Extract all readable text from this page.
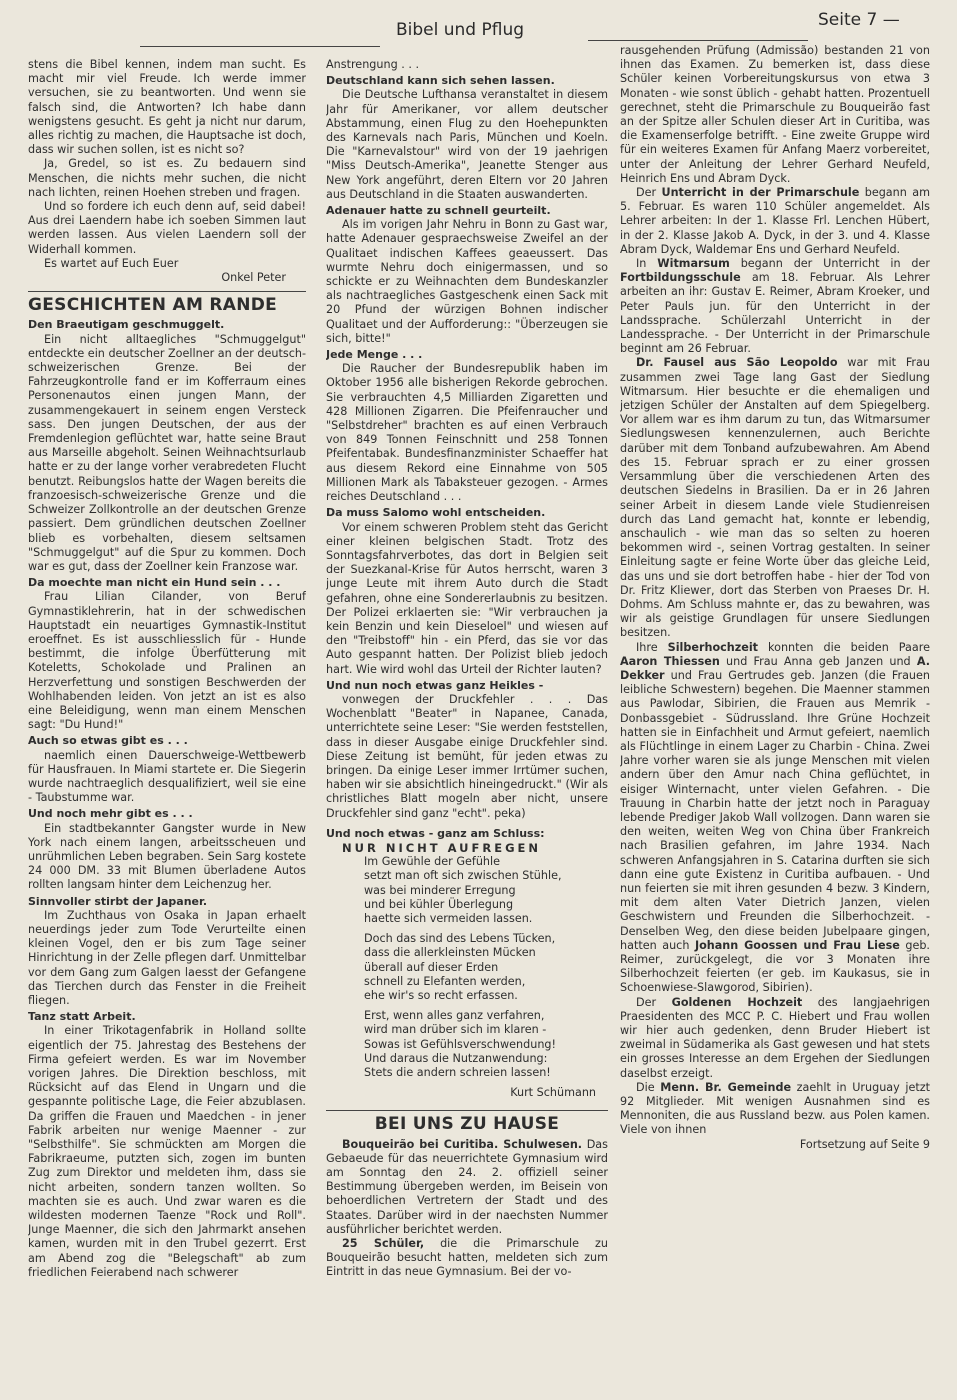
Bibel und Pflug	Seite 7 —

stens die Bibel kennen, indem man sucht. Es macht mir viel Freude. Ich werde immer versuchen, sie zu beantworten. Und wenn sie falsch sind, die Antworten? Ich habe dann wenigstens gesucht. Es geht ja nicht nur darum, alles richtig zu machen, die Hauptsache ist doch, dass wir suchen sollen, ist es nicht so?

Ja, Gredel, so ist es. Zu bedauern sind Menschen, die nichts mehr suchen, die nicht nach lichten, reinen Hoehen streben und fragen.

Und so fordere ich euch denn auf, seid dabei! Aus drei Laendern habe ich soeben Simmen laut werden lassen. Aus vielen Laendern soll der Widerhall kommen.

Es wartet auf Euch Euer

Onkel Peter
GESCHICHTEN AM RANDE
Den Braeutigam geschmuggelt.

Ein nicht alltaegliches "Schmuggelgut" entdeckte ein deutscher Zoellner an der deutsch-schweizerischen Grenze. Bei der Fahrzeugkontrolle fand er im Kofferraum eines Personenautos einen jungen Mann, der zusammengekauert in seinem engen Versteck sass. Den jungen Deutschen, der aus der Fremdenlegion geflüchtet war, hatte seine Braut aus Marseille abgeholt. Seinen Weihnachtsurlaub hatte er zu der lange vorher verabredeten Flucht benutzt. Reibungslos hatte der Wagen bereits die franzoesisch-schweizerische Grenze und die Schweizer Zollkontrolle an der deutschen Grenze passiert. Dem gründlichen deutschen Zoellner blieb es vorbehalten, diesem seltsamen "Schmuggelgut" auf die Spur zu kommen. Doch war es gut, dass der Zoellner kein Franzose war.

Da moechte man nicht ein Hund sein . . .

Frau Lilian Cilander, von Beruf Gymnastiklehrerin, hat in der schwedischen Hauptstadt ein neuartiges Gymnastik-Institut eroeffnet. Es ist ausschliesslich für - Hunde bestimmt, die infolge Überfütterung mit Koteletts, Schokolade und Pralinen an Herzverfettung und sonstigen Beschwerden der Wohlhabenden leiden. Von jetzt an ist es also eine Beleidigung, wenn man einem Menschen sagt: "Du Hund!"

Auch so etwas gibt es . . .

naemlich einen Dauerschweige-Wettbewerb für Hausfrauen. In Miami startete er. Die Siegerin wurde nachtraeglich desqualifiziert, weil sie eine - Taubstumme war.

Und noch mehr gibt es . . .

Ein stadtbekannter Gangster wurde in New York nach einem langen, arbeitsscheuen und unrühmlichen Leben begraben. Sein Sarg kostete 24 000 DM. 33 mit Blumen überladene Autos rollten langsam hinter dem Leichenzug her.

Sinnvoller stirbt der Japaner.

Im Zuchthaus von Osaka in Japan erhaelt neuerdings jeder zum Tode Verurteilte einen kleinen Vogel, den er bis zum Tage seiner Hinrichtung in der Zelle pflegen darf. Unmittelbar vor dem Gang zum Galgen laesst der Gefangene das Tierchen durch das Fenster in die Freiheit fliegen.

Tanz statt Arbeit.

In einer Trikotagenfabrik in Holland sollte eigentlich der 75. Jahrestag des Bestehens der Firma gefeiert werden. Es war im November vorigen Jahres. Die Direktion beschloss, mit Rücksicht auf das Elend in Ungarn und die gespannte politische Lage, die Feier abzublasen. Da griffen die Frauen und Maedchen - in jener Fabrik arbeiten nur wenige Maenner - zur "Selbsthilfe". Sie schmückten am Morgen die Fabrikraeume, putzten sich, zogen im bunten Zug zum Direktor und meldeten ihm, dass sie nicht arbeiten, sondern tanzen wollten. So machten sie es auch. Und zwar waren es die wildesten modernen Taenze "Rock und Roll". Junge Maenner, die sich den Jahrmarkt ansehen kamen, wurden mit in den Trubel gezerrt. Erst am Abend zog die "Belegschaft" ab zum friedlichen Feierabend nach schwerer

Anstrengung . . .

Deutschland kann sich sehen lassen.

Die Deutsche Lufthansa veranstaltet in diesem Jahr für Amerikaner, vor allem deutscher Abstammung, einen Flug zu den Hoehepunkten des Karnevals nach Paris, München und Koeln. Die "Karnevalstour" wird von der 19 jaehrigen "Miss Deutsch-Amerika", Jeanette Stenger aus New York angeführt, deren Eltern vor 20 Jahren aus Deutschland in die Staaten auswanderten.

Adenauer hatte zu schnell geurteilt.

Als im vorigen Jahr Nehru in Bonn zu Gast war, hatte Adenauer gespraechsweise Zweifel an der Qualitaet indischen Kaffees geaeussert. Das wurmte Nehru doch einigermassen, und so schickte er zu Weihnachten dem Bundeskanzler als nachtraegliches Gastgeschenk einen Sack mit 20 Pfund der würzigen Bohnen indischer Qualitaet und der Aufforderung:: "Überzeugen sie sich, bitte!"

Jede Menge . . .

Die Raucher der Bundesrepublik haben im Oktober 1956 alle bisherigen Rekorde gebrochen. Sie verbrauchten 4,5 Milliarden Zigaretten und 428 Millionen Zigarren. Die Pfeifenraucher und "Selbstdreher" brachten es auf einen Verbrauch von 849 Tonnen Feinschnitt und 258 Tonnen Pfeifentabak. Bundesfinanzminister Schaeffer hat aus diesem Rekord eine Einnahme von 505 Millionen Mark als Tabaksteuer gezogen. - Armes reiches Deutschland . . .

Da muss Salomo wohl entscheiden.

Vor einem schweren Problem steht das Gericht einer kleinen belgischen Stadt. Trotz des Sonntagsfahrverbotes, das dort in Belgien seit der Suezkanal-Krise für Autos herrscht, waren 3 junge Leute mit ihrem Auto durch die Stadt gefahren, ohne eine Sondererlaubnis zu besitzen. Der Polizei erklaerten sie: "Wir verbrauchen ja kein Benzin und kein Dieseloel" und wiesen auf den "Treibstoff" hin - ein Pferd, das sie vor das Auto gespannt hatten. Der Polizist blieb jedoch hart. Wie wird wohl das Urteil der Richter lauten?

Und nun noch etwas ganz Heikles -

vonwegen der Druckfehler . . . Das Wochenblatt "Beater" in Napanee, Canada, unterrichtete seine Leser: "Sie werden feststellen, dass in dieser Ausgabe einige Druckfehler sind. Diese Zeitung ist bemüht, für jeden etwas zu bringen. Da einige Leser immer Irrtümer suchen, haben wir sie absichtlich hineingedruckt." (Wir als christliches Blatt mogeln aber nicht, unsere Druckfehler sind ganz "echt". peka)

Und noch etwas - ganz am Schluss:
NUR NICHT AUFREGEN
Im Gewühle der Gefühle
setzt man oft sich zwischen Stühle,
was bei minderer Erregung
und bei kühler Überlegung
haette sich vermeiden lassen.
Doch das sind des Lebens Tücken,
dass die allerkleinsten Mücken
überall auf dieser Erden
schnell zu Elefanten werden,
ehe wir's so recht erfassen.
Erst, wenn alles ganz verfahren,
wird man drüber sich im klaren -
Sowas ist Gefühlsverschwendung!
Und daraus die Nutzanwendung:
Stets die andern schreien lassen!
Kurt Schümann
BEI UNS ZU HAUSE

Bouqueirão bei Curitiba. Schulwesen. Das Gebaeude für das neuerrichtete Gymnasium wird am Sonntag den 24. 2. offiziell seiner Bestimmung übergeben werden, im Beisein von behoerdlichen Vertretern der Stadt und des Staates. Darüber wird in der naechsten Nummer ausführlicher berichtet werden.

25 Schüler, die die Primarschule zu Bouqueirão besucht hatten, meldeten sich zum Eintritt in das neue Gymnasium. Bei der vo-

rausgehenden Prüfung (Admissão) bestanden 21 von ihnen das Examen. Zu bemerken ist, dass diese Schüler keinen Vorbereitungskursus von etwa 3 Monaten - wie sonst üblich - gehabt hatten. Prozentuell gerechnet, steht die Primarschule zu Bouqueirão fast an der Spitze aller Schulen dieser Art in Curitiba, was die Examenserfolge betrifft. - Eine zweite Gruppe wird für ein weiteres Examen für Anfang Maerz vorbereitet, unter der Anleitung der Lehrer Gerhard Neufeld, Heinrich Ens und Abram Dyck.

Der Unterricht in der Primarschule begann am 5. Februar. Es waren 110 Schüler angemeldet. Als Lehrer arbeiten: In der 1. Klasse Frl. Lenchen Hübert, in der 2. Klasse Jakob A. Dyck, in der 3. und 4. Klasse Abram Dyck, Waldemar Ens und Gerhard Neufeld.

In Witmarsum begann der Unterricht in der Fortbildungsschule am 18. Februar. Als Lehrer arbeiten an ihr: Gustav E. Reimer, Abram Kroeker, und Peter Pauls jun. für den Unterricht in der Landssprache. Schülerzahl Unterricht in der Landessprache. - Der Unterricht in der Primarschule beginnt am 26 Februar.

Dr. Fausel aus São Leopoldo war mit Frau zusammen zwei Tage lang Gast der Siedlung Witmarsum. Hier besuchte er die ehemaligen und jetzigen Schüler der Anstalten auf dem Spiegelberg. Vor allem war es ihm darum zu tun, das Witmarsumer Siedlungswesen kennenzulernen, auch Berichte darüber mit dem Tonband aufzubewahren. Am Abend des 15. Februar sprach er zu einer grossen Versammlung über die verschiedenen Arten des deutschen Siedelns in Brasilien. Da er in 26 Jahren seiner Arbeit in diesem Lande viele Studienreisen durch das Land gemacht hat, konnte er lebendig, anschaulich - wie man das so selten zu hoeren bekommen wird -, seinen Vortrag gestalten. In seiner Einleitung sagte er feine Worte über das gleiche Leid, das uns und sie dort betroffen habe - hier der Tod von Dr. Fritz Kliewer, dort das Sterben von Praeses Dr. H. Dohms. Am Schluss mahnte er, das zu bewahren, was wir als geistige Grundlagen für unsere Siedlungen besitzen.

Ihre Silberhochzeit konnten die beiden Paare Aaron Thiessen und Frau Anna geb Janzen und A. Dekker und Frau Gertrudes geb. Janzen (die Frauen leibliche Schwestern) begehen. Die Maenner stammen aus Pawlodar, Sibirien, die Frauen aus Memrik - Donbassgebiet - Südrussland. Ihre Grüne Hochzeit hatten sie in Einfachheit und Armut gefeiert, naemlich als Flüchtlinge in einem Lager zu Charbin - China. Zwei Jahre vorher waren sie als junge Menschen mit vielen andern über den Amur nach China geflüchtet, in eisiger Winternacht, unter vielen Gefahren. - Die Trauung in Charbin hatte der jetzt noch in Paraguay lebende Prediger Jakob Wall vollzogen. Dann waren sie den weiten, weiten Weg von China über Frankreich nach Brasilien gefahren, im Jahre 1934. Nach schweren Anfangsjahren in S. Catarina durften sie sich dann eine gute Existenz in Curitiba aufbauen. - Und nun feierten sie mit ihren gesunden 4 bezw. 3 Kindern, mit dem alten Vater Dietrich Janzen, vielen Geschwistern und Freunden die Silberhochzeit. - Denselben Weg, den diese beiden Jubelpaare gingen, hatten auch Johann Goossen und Frau Liese geb. Reimer, zurückgelegt, die vor 3 Monaten ihre Silberhochzeit feierten (er geb. im Kaukasus, sie in Schoenwiese-Slawgorod, Sibirien).

Der Goldenen Hochzeit des langjaehrigen Praesidenten des MCC P. C. Hiebert und Frau wollen wir hier auch gedenken, denn Bruder Hiebert ist zweimal in Südamerika als Gast gewesen und hat stets ein grosses Interesse an dem Ergehen der Siedlungen daselbst erzeigt.

Die Menn. Br. Gemeinde zaehlt in Uruguay jetzt 92 Mitglieder. Mit wenigen Ausnahmen sind es Mennoniten, die aus Russland bezw. aus Polen kamen. Viele von ihnen

Fortsetzung auf Seite 9
